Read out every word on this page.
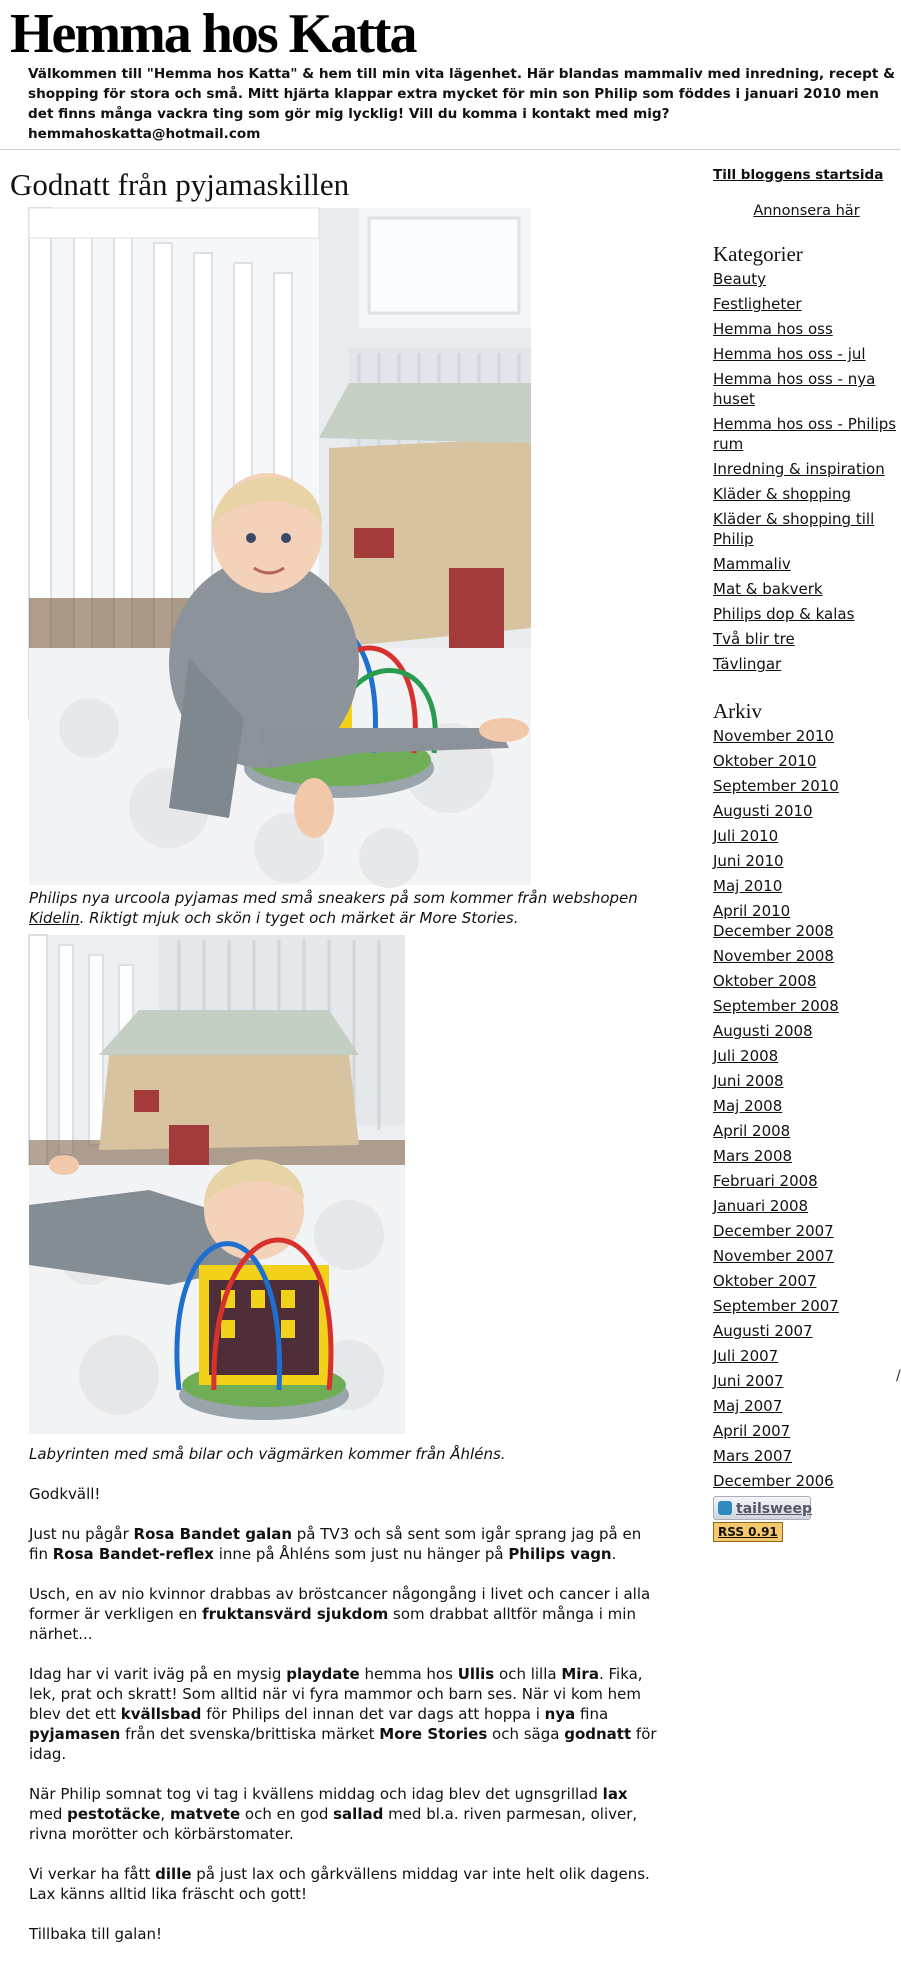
Hemma hos Katta
Välkommen till "Hemma hos Katta" & hem till min vita lägenhet. Här blandas mammaliv med inredning, recept & shopping för stora och små. Mitt hjärta klappar extra mycket för min son Philip som föddes i januari 2010 men det finns många vackra ting som gör mig lycklig! Vill du komma i kontakt med mig? hemmahoskatta@hotmail.com
Godnatt från pyjamaskillen
Philips nya urcoola pyjamas med små sneakers på som kommer från webshopen Kidelin. Riktigt mjuk och skön i tyget och märket är More Stories.
Labyrinten med små bilar och vägmärken kommer från Åhléns.

Godkväll!

Just nu pågår Rosa Bandet galan på TV3 och så sent som igår sprang jag på en fin Rosa Bandet-reflex inne på Åhléns som just nu hänger på Philips vagn.

Usch, en av nio kvinnor drabbas av bröstcancer någongång i livet och cancer i alla former är verkligen en fruktansvärd sjukdom som drabbat alltför många i min närhet...

Idag har vi varit iväg på en mysig playdate hemma hos Ullis och lilla Mira. Fika, lek, prat och skratt! Som alltid när vi fyra mammor och barn ses. När vi kom hem blev det ett kvällsbad för Philips del innan det var dags att hoppa i nya fina pyjamasen från det svenska/brittiska märket More Stories och säga godnatt för idag.

När Philip somnat tog vi tag i kvällens middag och idag blev det ugnsgrillad lax med pestotäcke, matvete och en god sallad med bl.a. riven parmesan, oliver, rivna morötter och körbärstomater.

Vi verkar ha fått dille på just lax och gårkvällens middag var inte helt olik dagens. Lax känns alltid lika fräscht och gott!

Tillbaka till galan!

Till bloggens startsida
Annonsera här
Kategorier
Beauty
Festligheter
Hemma hos oss
Hemma hos oss - jul
Hemma hos oss - nya huset
Hemma hos oss - Philips rum
Inredning & inspiration
Kläder & shopping
Kläder & shopping till Philip
Mammaliv
Mat & bakverk
Philips dop & kalas
Två blir tre
Tävlingar
Arkiv
November 2010
Oktober 2010
September 2010
Augusti 2010
Juli 2010
Juni 2010
Maj 2010
April 2010
December 2008
November 2008
Oktober 2008
September 2008
Augusti 2008
Juli 2008
Juni 2008
Maj 2008
April 2008
Mars 2008
Februari 2008
Januari 2008
December 2007
November 2007
Oktober 2007
September 2007
Augusti 2007
Juli 2007
Juni 2007
Maj 2007
April 2007
Mars 2007
December 2006
tailsweep
RSS 0.91
/
